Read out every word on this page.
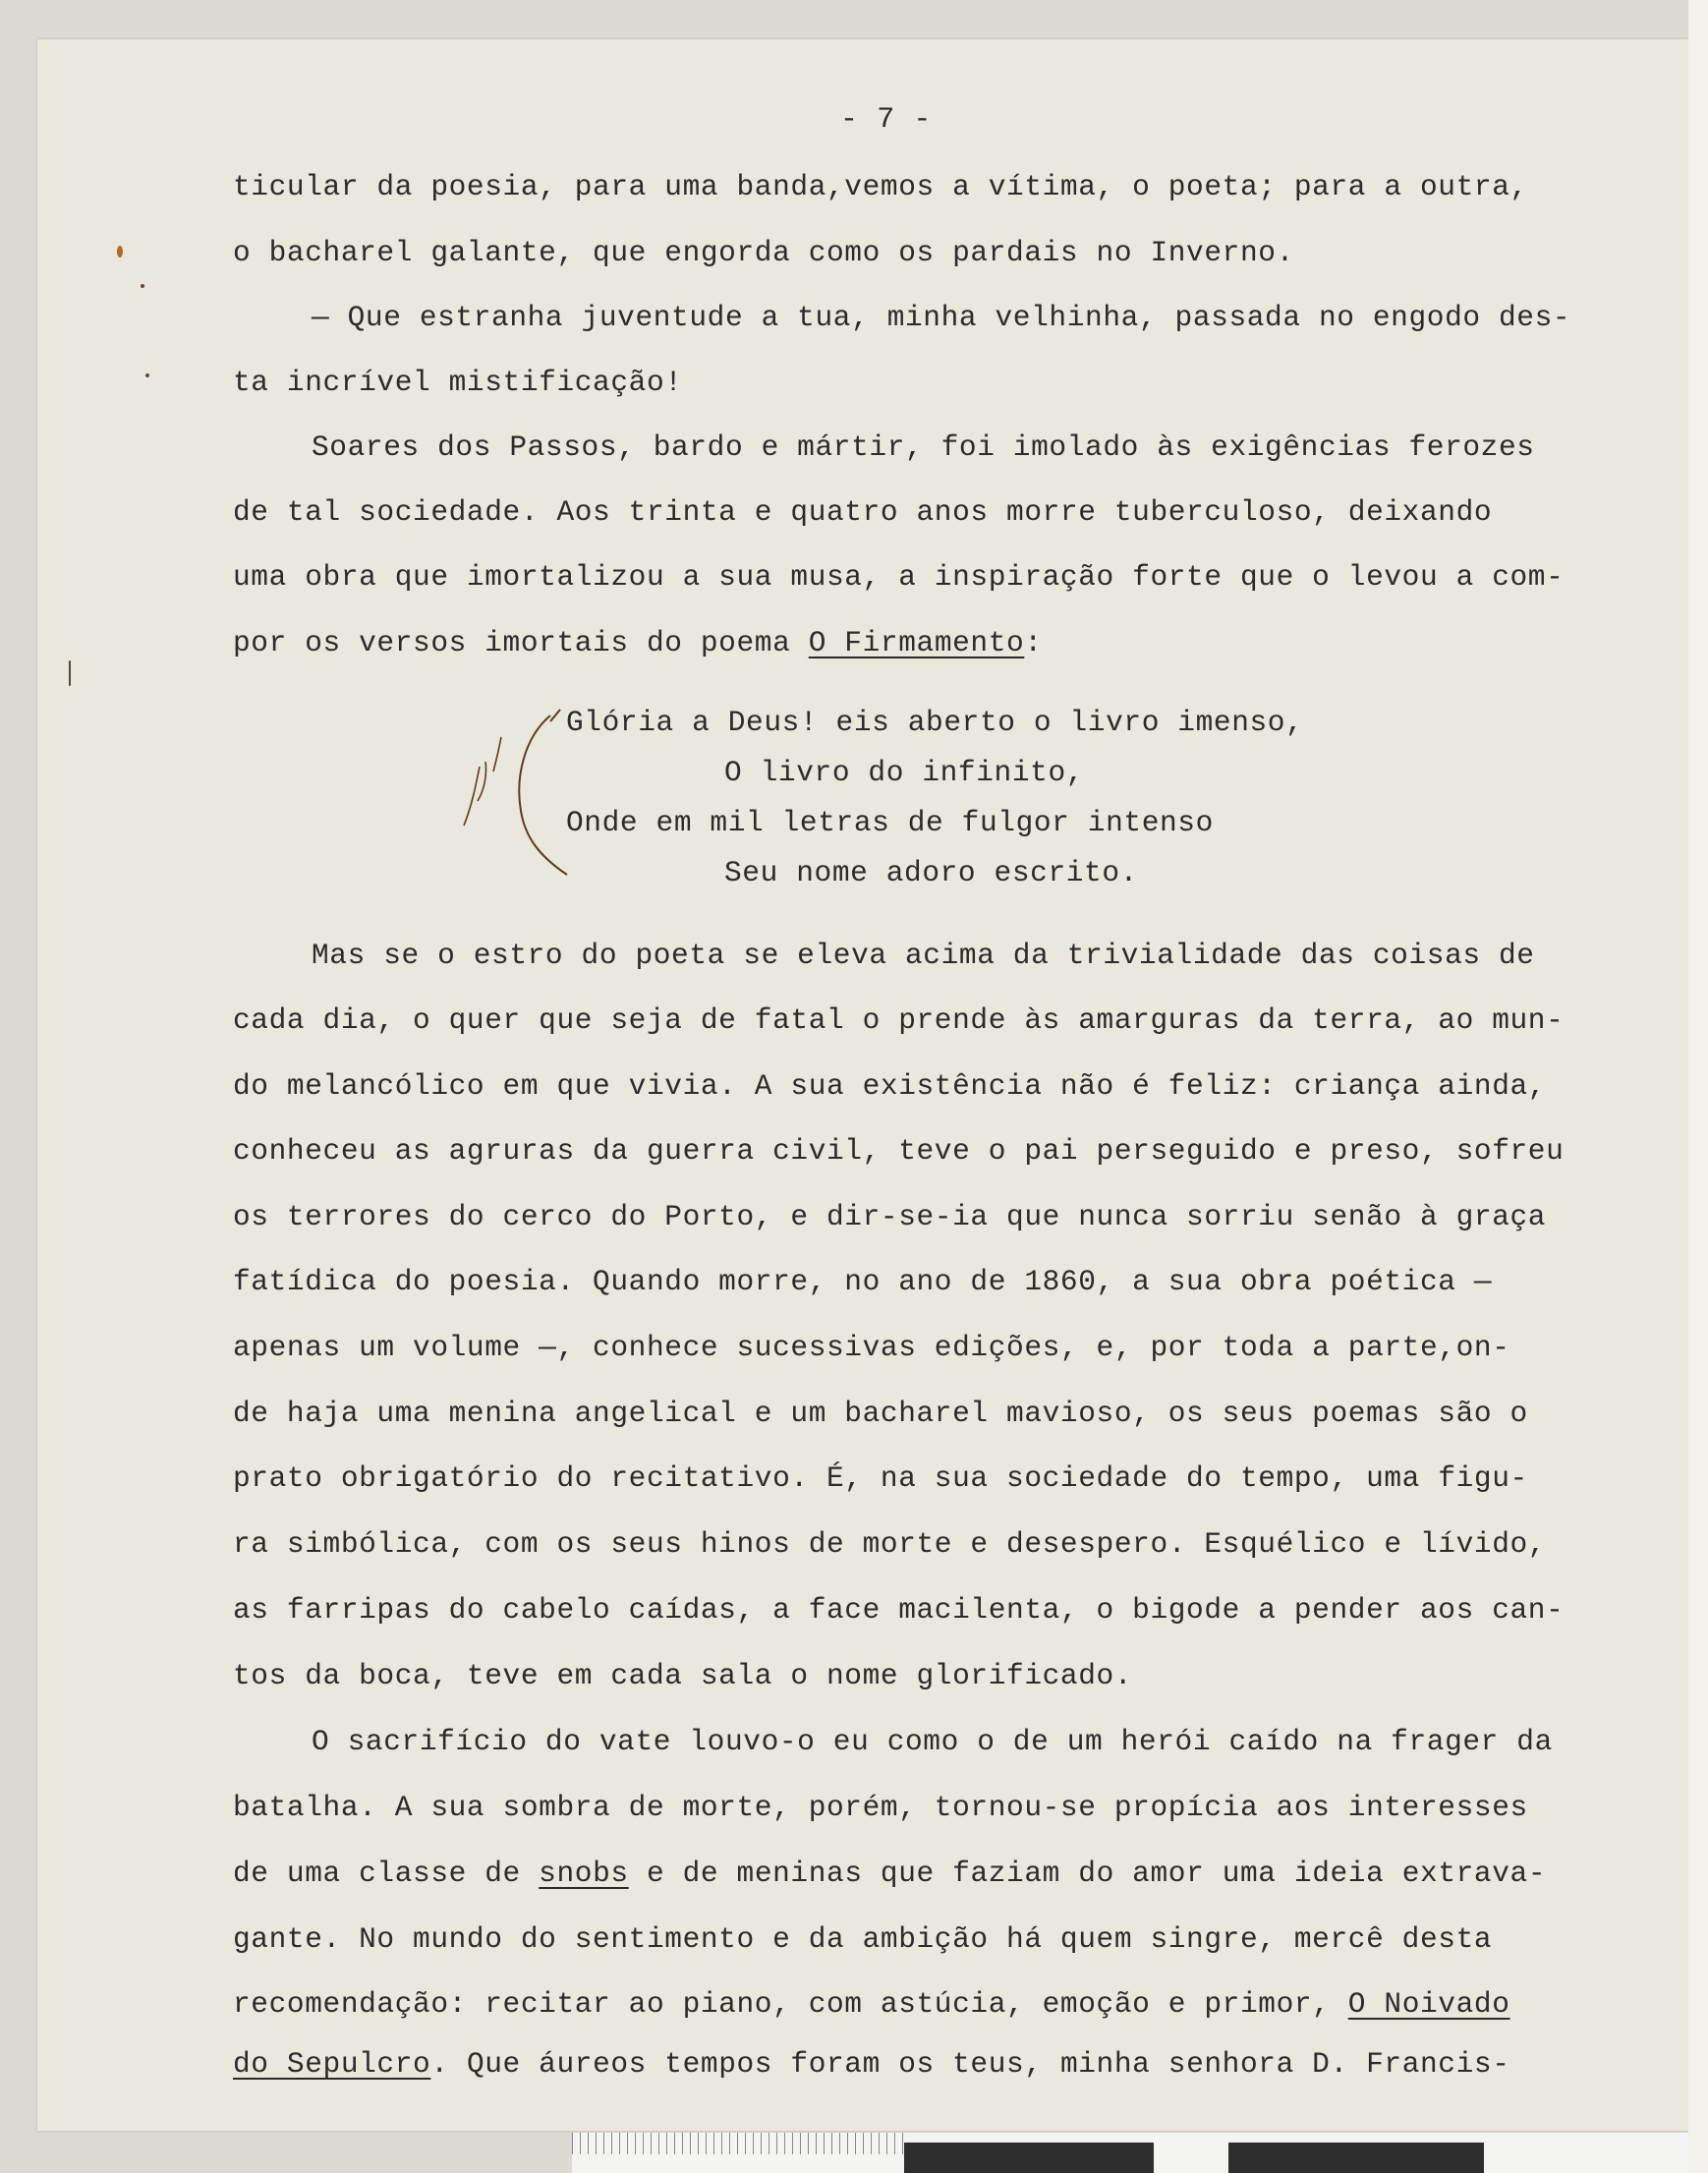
- 7 -
ticular da poesia, para uma banda,vemos a vítima, o poeta; para a outra,
o bacharel galante, que engorda como os pardais no Inverno.
— Que estranha juventude a tua, minha velhinha, passada no engodo des-
ta incrível mistificação!
Soares dos Passos, bardo e mártir, foi imolado às exigências ferozes
de tal sociedade. Aos trinta e quatro anos morre tuberculoso, deixando
uma obra que imortalizou a sua musa, a inspiração forte que o levou a com-
por os versos imortais do poema O Firmamento:
Glória a Deus! eis aberto o livro imenso,
O livro do infinito,
Onde em mil letras de fulgor intenso
Seu nome adoro escrito.
Mas se o estro do poeta se eleva acima da trivialidade das coisas de
cada dia, o quer que seja de fatal o prende às amarguras da terra, ao mun-
do melancólico em que vivia. A sua existência não é feliz: criança ainda,
conheceu as agruras da guerra civil, teve o pai perseguido e preso, sofreu
os terrores do cerco do Porto, e dir-se-ia que nunca sorriu senão à graça
fatídica do poesia. Quando morre, no ano de 1860, a sua obra poética —
apenas um volume —, conhece sucessivas edições, e, por toda a parte,on-
de haja uma menina angelical e um bacharel mavioso, os seus poemas são o
prato obrigatório do recitativo. É, na sua sociedade do tempo, uma figu-
ra simbólica, com os seus hinos de morte e desespero. Esquélico e lívido,
as farripas do cabelo caídas, a face macilenta, o bigode a pender aos can-
tos da boca, teve em cada sala o nome glorificado.
O sacrifício do vate louvo-o eu como o de um herói caído na frager da
batalha. A sua sombra de morte, porém, tornou-se propícia aos interesses
de uma classe de snobs e de meninas que faziam do amor uma ideia extrava-
gante. No mundo do sentimento e da ambição há quem singre, mercê desta
recomendação: recitar ao piano, com astúcia, emoção e primor, O Noivado
do Sepulcro. Que áureos tempos foram os teus, minha senhora D. Francis-
